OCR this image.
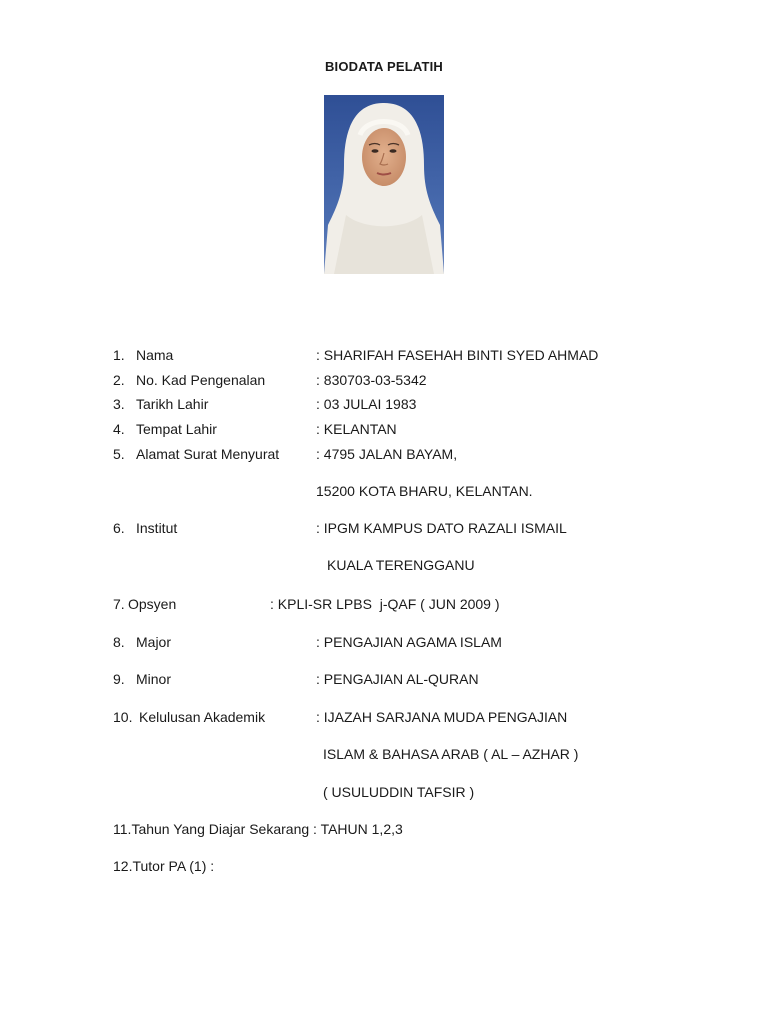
BIODATA PELATIH
1. Nama	: SHARIFAH FASEHAH BINTI SYED AHMAD
2. No. Kad Pengenalan	: 830703-03-5342
3. Tarikh Lahir	: 03 JULAI 1983
4. Tempat Lahir	: KELANTAN
5. Alamat Surat Menyurat	: 4795 JALAN BAYAM,
15200 KOTA BHARU, KELANTAN.
6. Institut	: IPGM KAMPUS DATO RAZALI ISMAIL
KUALA TERENGGANU
7. Opsyen	: KPLI-SR LPBS  j-QAF ( JUN 2009 )
8. Major	: PENGAJIAN AGAMA ISLAM
9. Minor	: PENGAJIAN AL-QURAN
10. Kelulusan Akademik	: IJAZAH SARJANA MUDA PENGAJIAN
ISLAM & BAHASA ARAB ( AL – AZHAR )
( USULUDDIN TAFSIR )
11.Tahun Yang Diajar Sekarang : TAHUN 1,2,3
12.Tutor PA (1) :
